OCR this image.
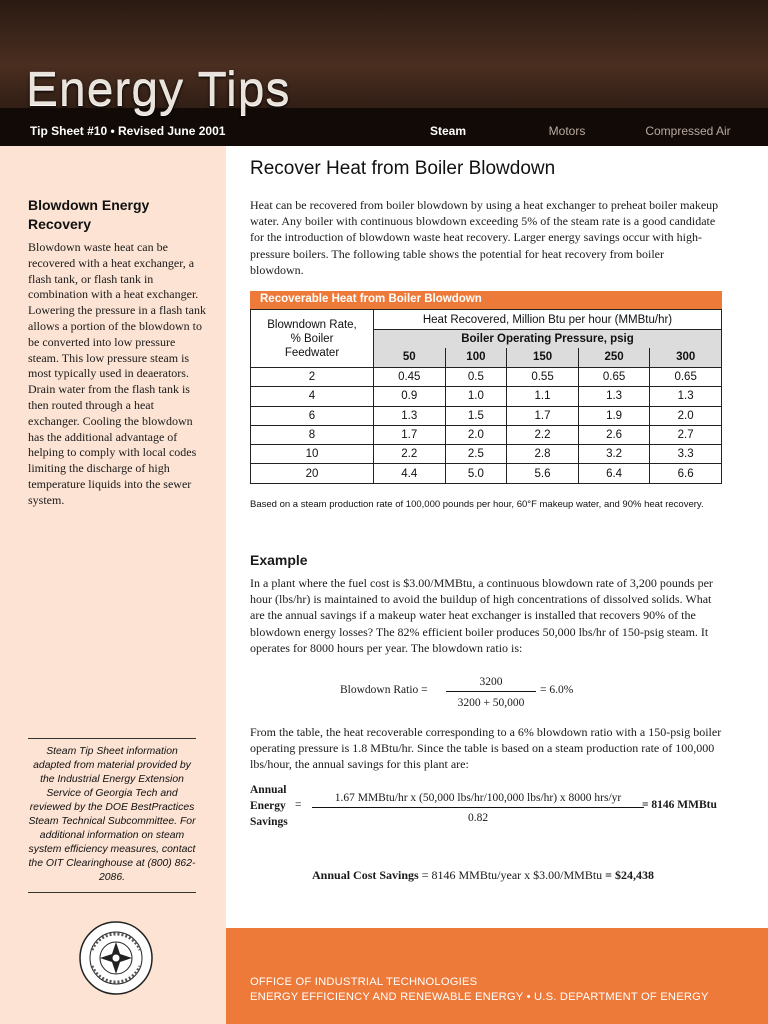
Energy Tips
Tip Sheet #10 • Revised June 2001	Steam	Motors	Compressed Air
Blowdown Energy Recovery
Blowdown waste heat can be recovered with a heat exchanger, a flash tank, or flash tank in combination with a heat exchanger. Lowering the pressure in a flash tank allows a portion of the blowdown to be converted into low pressure steam. This low pressure steam is most typically used in deaerators. Drain water from the flash tank is then routed through a heat exchanger. Cooling the blowdown has the additional advantage of helping to comply with local codes limiting the discharge of high temperature liquids into the sewer system.
Steam Tip Sheet information adapted from material provided by the Industrial Energy Extension Service of Georgia Tech and reviewed by the DOE BestPractices Steam Technical Subcommittee. For additional information on steam system efficiency measures, contact the OIT Clearinghouse at (800) 862-2086.
Recover Heat from Boiler Blowdown
Heat can be recovered from boiler blowdown by using a heat exchanger to preheat boiler makeup water. Any boiler with continuous blowdown exceeding 5% of the steam rate is a good candidate for the introduction of blowdown waste heat recovery. Larger energy savings occur with high-pressure boilers. The following table shows the potential for heat recovery from boiler blowdown.
Recoverable Heat from Boiler Blowdown
Blowndown Rate, % Boiler Feedwater	Heat Recovered, Million Btu per hour (MMBtu/hr)				
	Boiler Operating Pressure, psig				
	50	100	150	250	300
2	0.45	0.5	0.55	0.65	0.65
4	0.9	1.0	1.1	1.3	1.3
6	1.3	1.5	1.7	1.9	2.0
8	1.7	2.0	2.2	2.6	2.7
10	2.2	2.5	2.8	3.2	3.3
20	4.4	5.0	5.6	6.4	6.6
Based on a steam production rate of 100,000 pounds per hour, 60°F makeup water, and 90% heat recovery.
Example
In a plant where the fuel cost is $3.00/MMBtu, a continuous blowdown rate of 3,200 pounds per hour (lbs/hr) is maintained to avoid the buildup of high concentrations of dissolved solids. What are the annual savings if a makeup water heat exchanger is installed that recovers 90% of the blowdown energy losses? The 82% efficient boiler produces 50,000 lbs/hr of 150-psig steam. It operates for 8000 hours per year. The blowdown ratio is:
Blowdown Ratio =
3200
3200 + 50,000
= 6.0%
From the table, the heat recoverable corresponding to a 6% blowdown ratio with a 150-psig boiler operating pressure is 1.8 MBtu/hr. Since the table is based on a steam production rate of 100,000 lbs/hour, the annual savings for this plant are:
Annual
Energy
Savings
=
1.67 MMBtu/hr x (50,000 lbs/hr/100,000 lbs/hr) x 8000 hrs/yr
0.82
= 8146 MMBtu
Annual Cost Savings = 8146 MMBtu/year x $3.00/MMBtu = $24,438
OFFICE OF INDUSTRIAL TECHNOLOGIES
ENERGY EFFICIENCY AND RENEWABLE ENERGY • U.S. DEPARTMENT OF ENERGY
